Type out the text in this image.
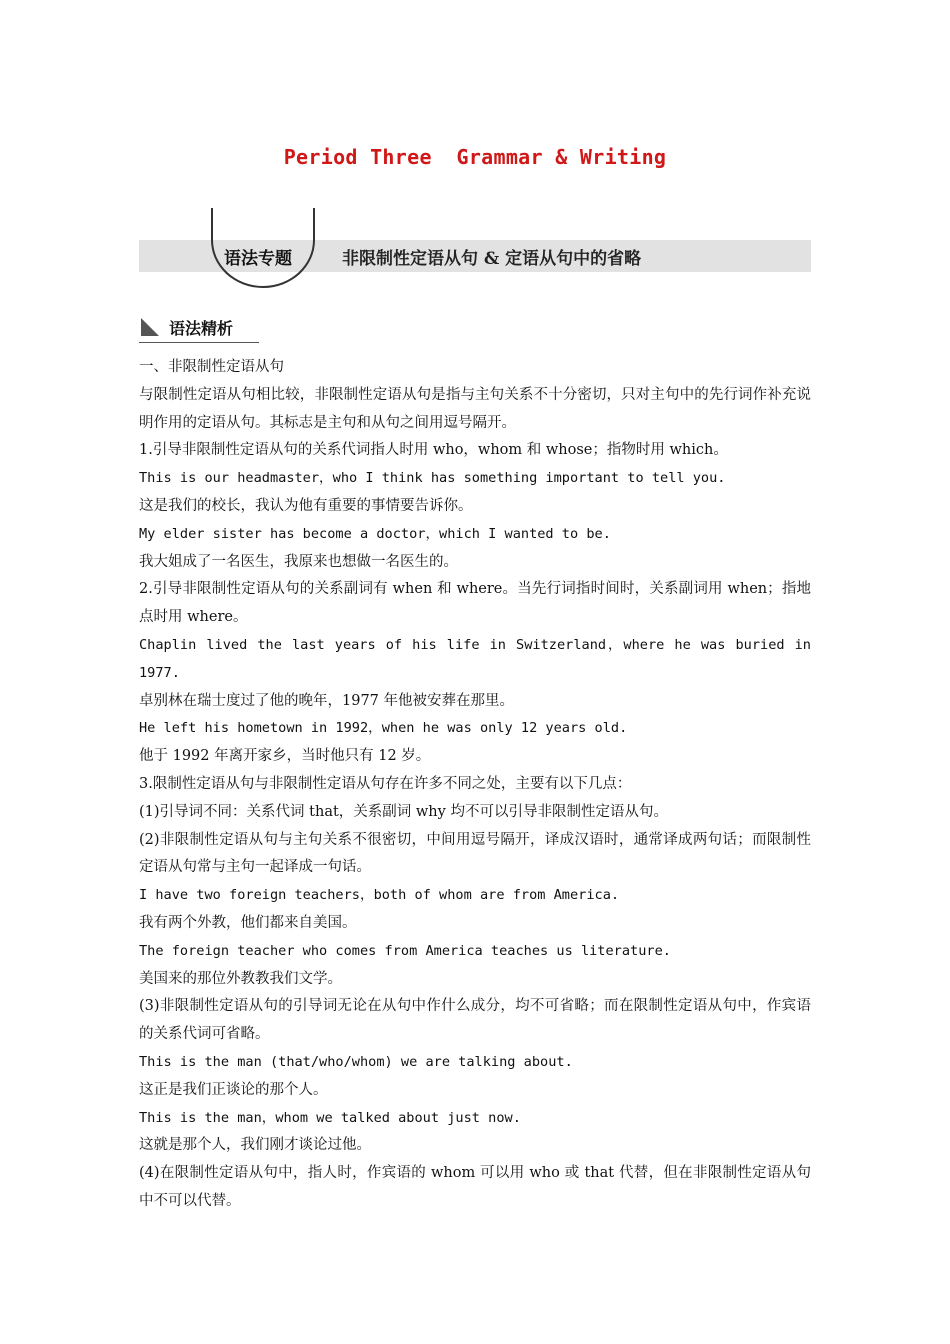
Period Three  Grammar & Writing
语法专题	非限制性定语从句 & 定语从句中的省略
语法精析
一、非限制性定语从句
与限制性定语从句相比较，非限制性定语从句是指与主句关系不十分密切，只对主句中的先行词作补充说明作用的定语从句。其标志是主句和从句之间用逗号隔开。
1.引导非限制性定语从句的关系代词指人时用 who，whom 和 whose；指物时用 which。
This is our headmaster，who I think has something important to tell you.
这是我们的校长，我认为他有重要的事情要告诉你。
My elder sister has become a doctor，which I wanted to be.
我大姐成了一名医生，我原来也想做一名医生的。
2.引导非限制性定语从句的关系副词有 when 和 where。当先行词指时间时，关系副词用 when；指地点时用 where。
Chaplin lived the last years of his life in Switzerland，where he was buried in 1977.
卓别林在瑞士度过了他的晚年，1977 年他被安葬在那里。
He left his hometown in 1992，when he was only 12 years old.
他于 1992 年离开家乡，当时他只有 12 岁。
3.限制性定语从句与非限制性定语从句存在许多不同之处，主要有以下几点：
(1)引导词不同：关系代词 that，关系副词 why 均不可以引导非限制性定语从句。
(2)非限制性定语从句与主句关系不很密切，中间用逗号隔开，译成汉语时，通常译成两句话；而限制性定语从句常与主句一起译成一句话。
I have two foreign teachers，both of whom are from America.
我有两个外教，他们都来自美国。
The foreign teacher who comes from America teaches us literature.
美国来的那位外教教我们文学。
(3)非限制性定语从句的引导词无论在从句中作什么成分，均不可省略；而在限制性定语从句中，作宾语的关系代词可省略。
This is the man (that/who/whom) we are talking about.
这正是我们正谈论的那个人。
This is the man，whom we talked about just now.
这就是那个人，我们刚才谈论过他。
(4)在限制性定语从句中，指人时，作宾语的 whom 可以用 who 或 that 代替，但在非限制性定语从句中不可以代替。
